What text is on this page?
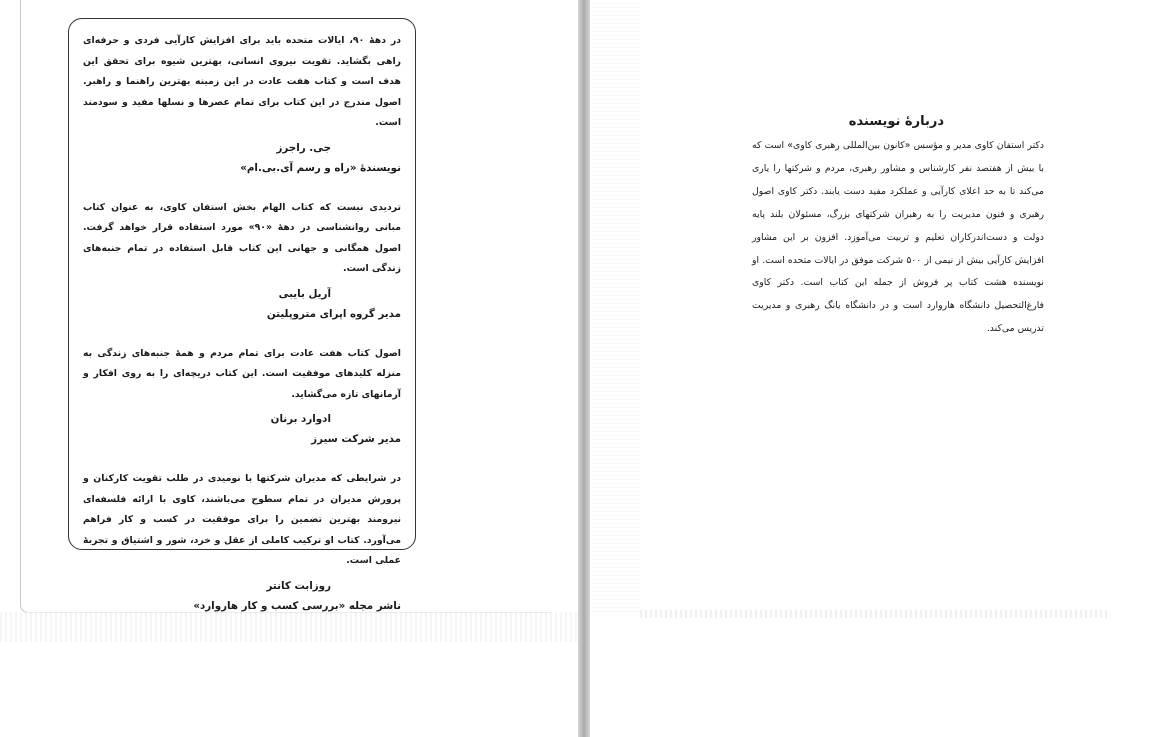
در دههٔ ۹۰، ایالات متحده باید برای افزایش کارآیی فردی و حرفه‌ای راهی بگشاید. تقویت نیروی انسانی، بهترین شیوه برای تحقق این هدف است و کتاب هفت عادت در این زمینه بهترین راهنما و راهبر. اصول مندرج در این کتاب برای تمام عصرها و نسلها مفید و سودمند است.

جی. راجرز
نویسندهٔ «راه و رسم آی.بی.ام»

تردیدی نیست که کتاب الهام بخش استفان کاوی، به عنوان کتاب مبانی روانشناسی در دههٔ «۹۰» مورد استفاده قرار خواهد گرفت. اصول همگانی و جهانی این کتاب قابل استفاده در تمام جنبه‌های زندگی است.

آریل بایبی
مدیر گروه اپرای متروپلیتن

اصول کتاب هفت عادت برای تمام مردم و همهٔ جنبه‌های زندگی به منزله کلیدهای موفقیت است. این کتاب دریچه‌ای را به روی افکار و آرمانهای تازه می‌گشاید.

ادوارد برنان
مدیر شرکت سیرز

در شرایطی که مدیران شرکتها با نومیدی در طلب تقویت کارکنان و پرورش مدیران در تمام سطوح می‌باشند، کاوی با ارائه فلسفه‌ای نیرومند بهترین تضمین را برای موفقیت در کسب و کار فراهم می‌آورد. کتاب او ترکیب کاملی از عقل و خرد، شور و اشتیاق و تجربهٔ عملی است.

روزابت کانتر
ناشر مجله «بررسی کسب و کار هاروارد»
دربارهٔ نویسنده

دکتر استفان کاوی مدیر و مؤسس «کانون بین‌المللی رهبری کاوی» است که با بیش از هفتصد نفر کارشناس و مشاور رهبری، مردم و شرکتها را یاری می‌کند تا به حد اعلای کارآیی و عملکرد مفید دست یابند. دکتر کاوی اصول رهبری و فنون مدیریت را به رهبران شرکتهای بزرگ، مسئولان بلند پایه دولت و دست‌اندرکاران تعلیم و تربیت می‌آموزد. افزون بر این مشاور افزایش کارآیی بیش از نیمی از ۵۰۰ شرکت موفق در ایالات متحده است. او نویسنده هشت کتاب پر فروش از جمله این کتاب است. دکتر کاوی فارغ‌التحصیل دانشگاه هاروارد است و در دانشگاه یانگ رهبری و مدیریت تدریس می‌کند.
